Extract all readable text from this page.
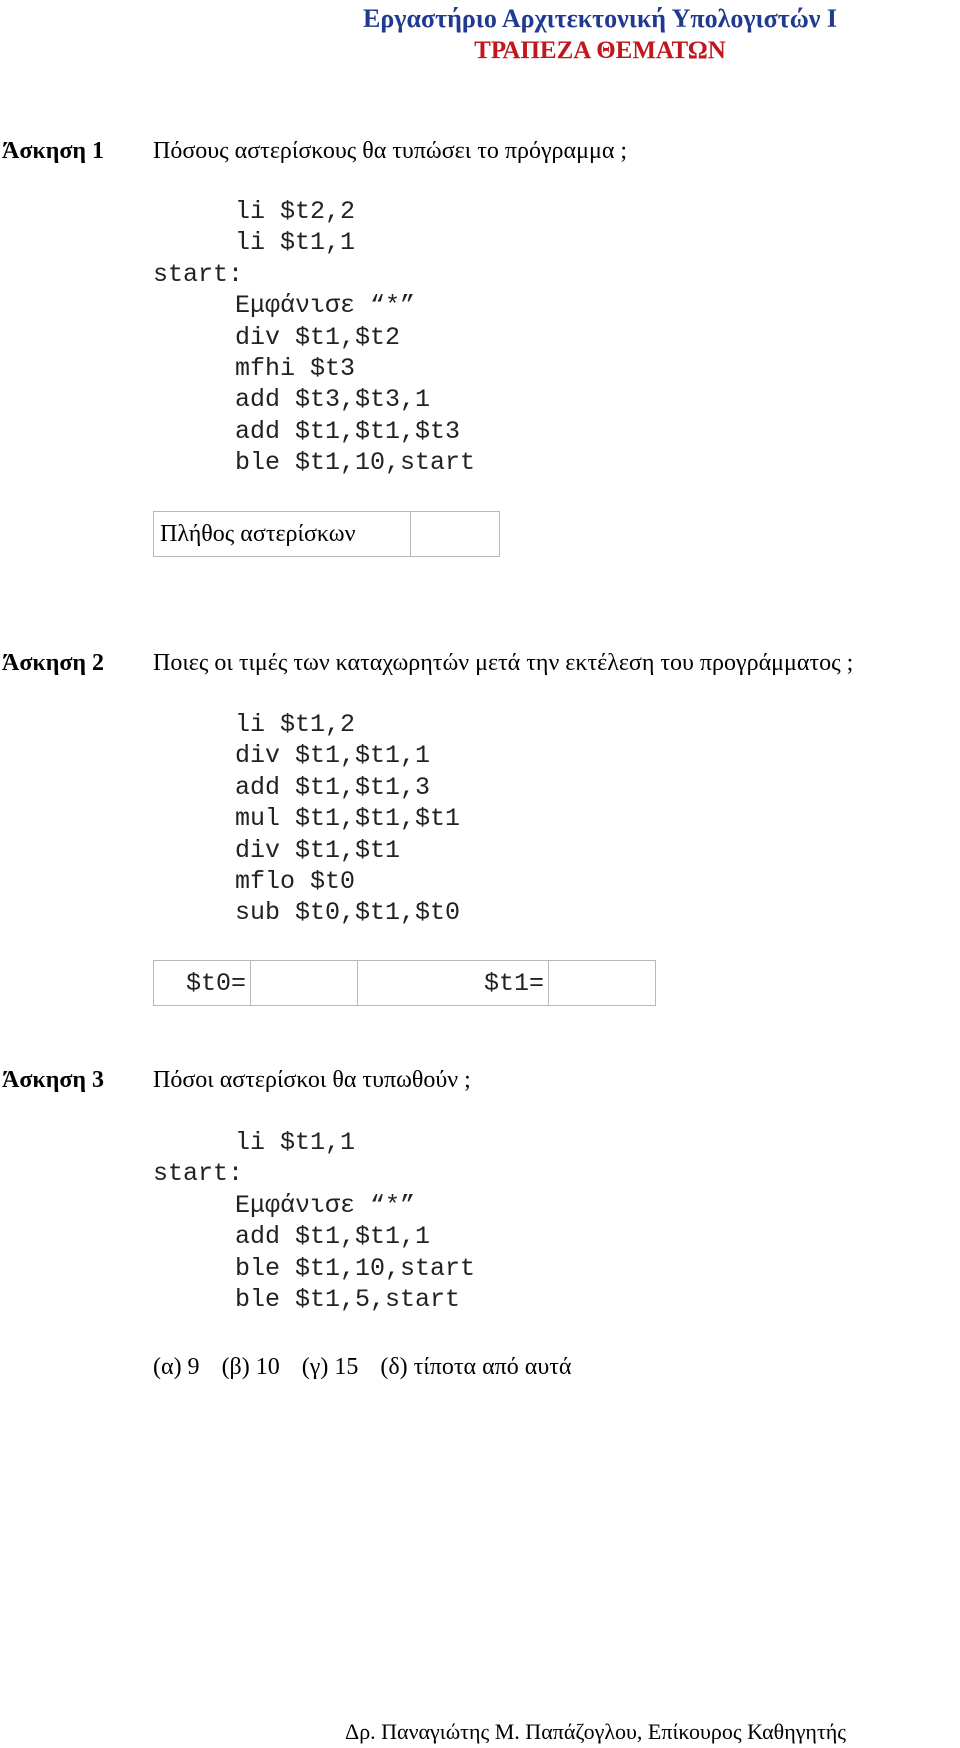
Εργαστήριο Αρχιτεκτονική Υπολογιστών Ι
ΤΡΑΠΕΖΑ ΘΕΜΑΤΩΝ
Άσκηση 1 Πόσους αστερίσκους θα τυπώσει το πρόγραμμα ;
li $t2,2
li $t1,1
start:
Εμφάνισε “*”
div $t1,$t2
mfhi $t3
add $t3,$t3,1
add $t1,$t1,$t3
ble $t1,10,start
Πλήθος αστερίσκων	
Άσκηση 2 Ποιες οι τιμές των καταχωρητών μετά την εκτέλεση του προγράμματος ;
li $t1,2
div $t1,$t1,1
add $t1,$t1,3
mul $t1,$t1,$t1
div $t1,$t1
mflo $t0
sub $t0,$t1,$t0
$t0=		$t1=	
Άσκηση 3 Πόσοι αστερίσκοι θα τυπωθούν ;
li $t1,1
start:
Εμφάνισε “*”
add $t1,$t1,1
ble $t1,10,start
ble $t1,5,start
(α) 9 (β) 10 (γ) 15 (δ) τίποτα από αυτά
Δρ. Παναγιώτης Μ. Παπάζογλου, Επίκουρος Καθηγητής
